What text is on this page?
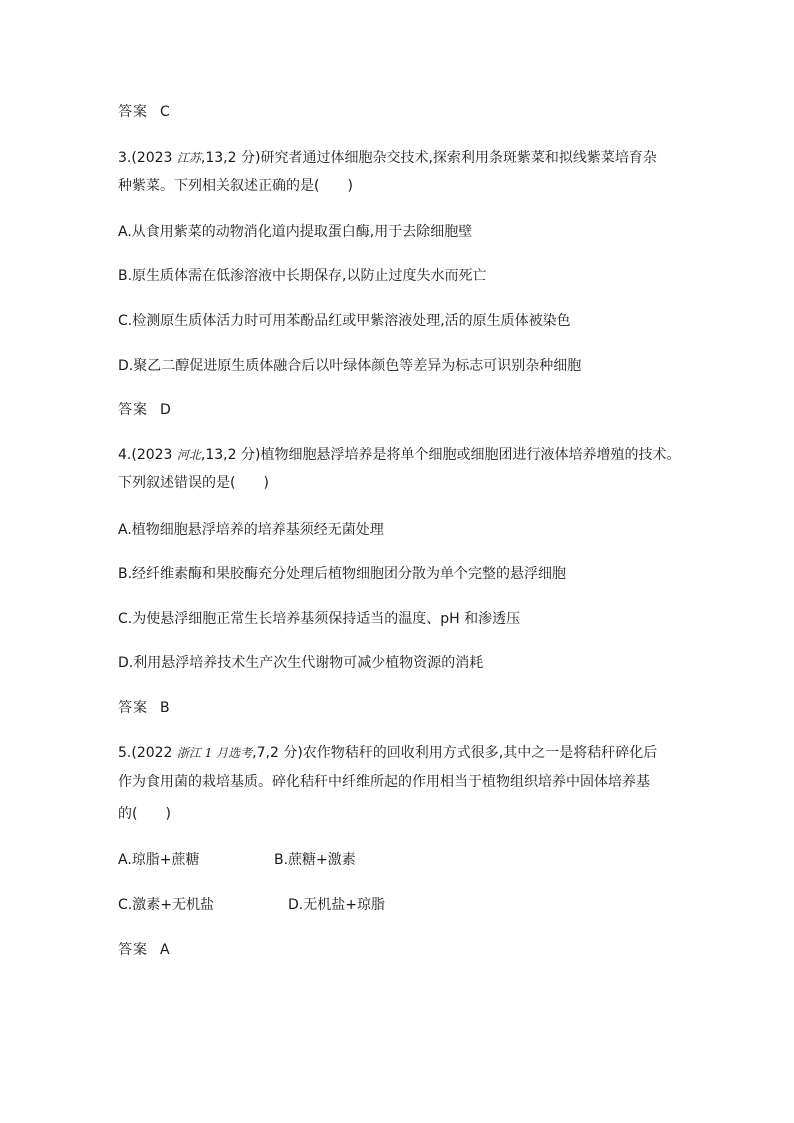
答案 C
3.(2023 江苏,13,2 分)研究者通过体细胞杂交技术,探索利用条斑紫菜和拟线紫菜培育杂
种紫菜。下列相关叙述正确的是(　　)
A.从食用紫菜的动物消化道内提取蛋白酶,用于去除细胞壁
B.原生质体需在低渗溶液中长期保存,以防止过度失水而死亡
C.检测原生质体活力时可用苯酚品红或甲紫溶液处理,活的原生质体被染色
D.聚乙二醇促进原生质体融合后以叶绿体颜色等差异为标志可识别杂种细胞
答案 D
4.(2023 河北,13,2 分)植物细胞悬浮培养是将单个细胞或细胞团进行液体培养增殖的技术。
下列叙述错误的是(　　)
A.植物细胞悬浮培养的培养基须经无菌处理
B.经纤维素酶和果胶酶充分处理后植物细胞团分散为单个完整的悬浮细胞
C.为使悬浮细胞正常生长培养基须保持适当的温度、pH 和渗透压
D.利用悬浮培养技术生产次生代谢物可减少植物资源的消耗
答案 B
5.(2022 浙江 1 月选考,7,2 分)农作物秸秆的回收利用方式很多,其中之一是将秸秆碎化后
作为食用菌的栽培基质。碎化秸秆中纤维所起的作用相当于植物组织培养中固体培养基
的(　　)
A.琼脂+蔗糖	B.蔗糖+激素
C.激素+无机盐	D.无机盐+琼脂
答案 A
